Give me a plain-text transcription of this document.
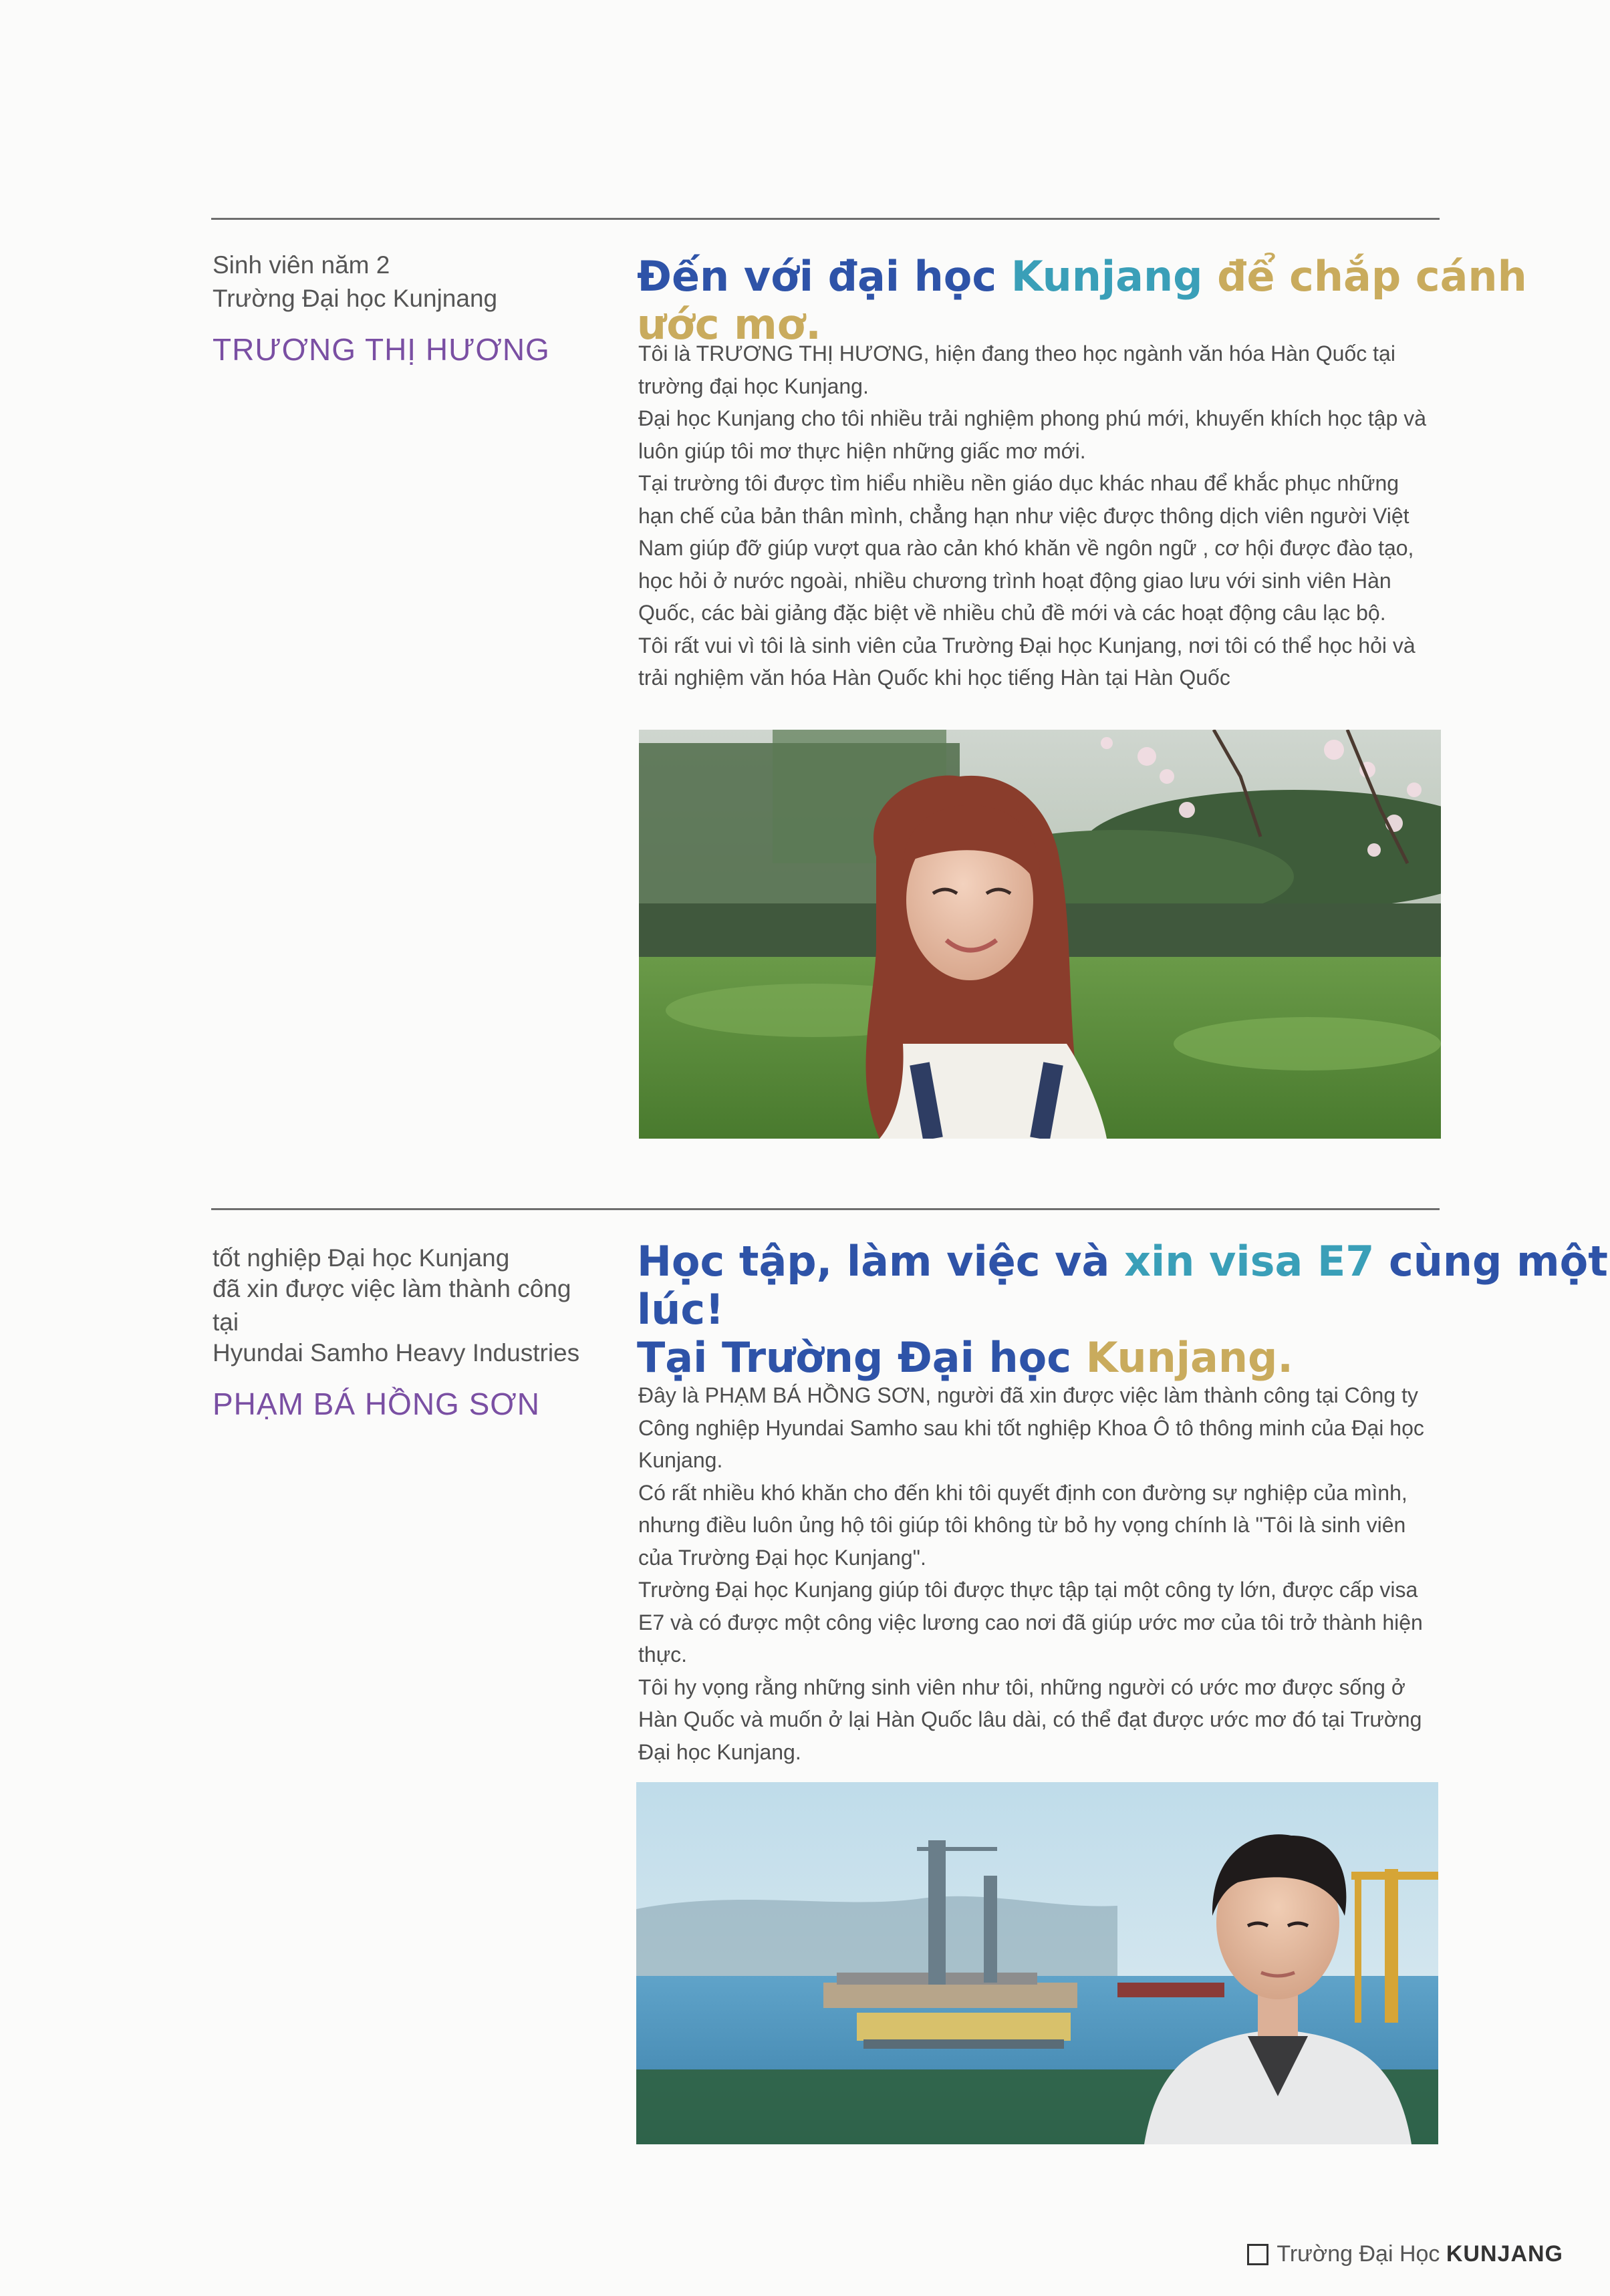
Sinh viên năm 2

Trường Đại học Kunjnang

TRƯƠNG THỊ HƯƠNG

Đến với đại học Kunjang để chắp cánh ước mơ.

Tôi là TRƯƠNG THỊ HƯƠNG, hiện đang theo học ngành văn hóa Hàn Quốc tại trường đại học Kunjang.

Đại học Kunjang cho tôi nhiều trải nghiệm phong phú mới, khuyến khích học tập và luôn giúp tôi mơ thực hiện những giấc mơ mới.

Tại trường tôi được tìm hiểu nhiều nền giáo dục khác nhau để khắc phục những hạn chế của bản thân mình, chẳng hạn như việc được thông dịch viên người Việt Nam giúp đỡ giúp vượt qua rào cản khó khăn về ngôn ngữ , cơ hội được đào tạo, học hỏi ở nước ngoài, nhiều chương trình hoạt động giao lưu với sinh viên Hàn Quốc, các bài giảng đặc biệt về nhiều chủ đề mới và các hoạt động câu lạc bộ.

Tôi rất vui vì tôi là sinh viên của Trường Đại học Kunjang, nơi tôi có thể học hỏi và trải nghiệm văn hóa Hàn Quốc khi học tiếng Hàn tại Hàn Quốc

tốt nghiệp Đại học Kunjang

đã xin được việc làm thành công tại

Hyundai Samho Heavy Industries

PHẠM BÁ HỒNG SƠN

Học tập, làm việc và xin visa E7 cùng một lúc!
Tại Trường Đại học Kunjang.

Đây là PHẠM BÁ HỒNG SƠN, người đã xin được việc làm thành công tại Công ty Công nghiệp Hyundai Samho sau khi tốt nghiệp Khoa Ô tô thông minh của Đại học Kunjang.

Có rất nhiều khó khăn cho đến khi tôi quyết định con đường sự nghiệp của mình, nhưng điều luôn ủng hộ tôi giúp tôi không từ bỏ hy vọng chính là "Tôi là sinh viên của Trường Đại học Kunjang".

Trường Đại học Kunjang giúp tôi được thực tập tại một công ty lớn, được cấp visa E7 và có được một công việc lương cao nơi đã giúp ước mơ của tôi trở thành hiện thực.

Tôi hy vọng rằng những sinh viên như tôi, những người có ước mơ được sống ở Hàn Quốc và muốn ở lại Hàn Quốc lâu dài, có thể đạt được ước mơ đó tại Trường Đại học Kunjang.

Trường Đại Học KUNJANG
